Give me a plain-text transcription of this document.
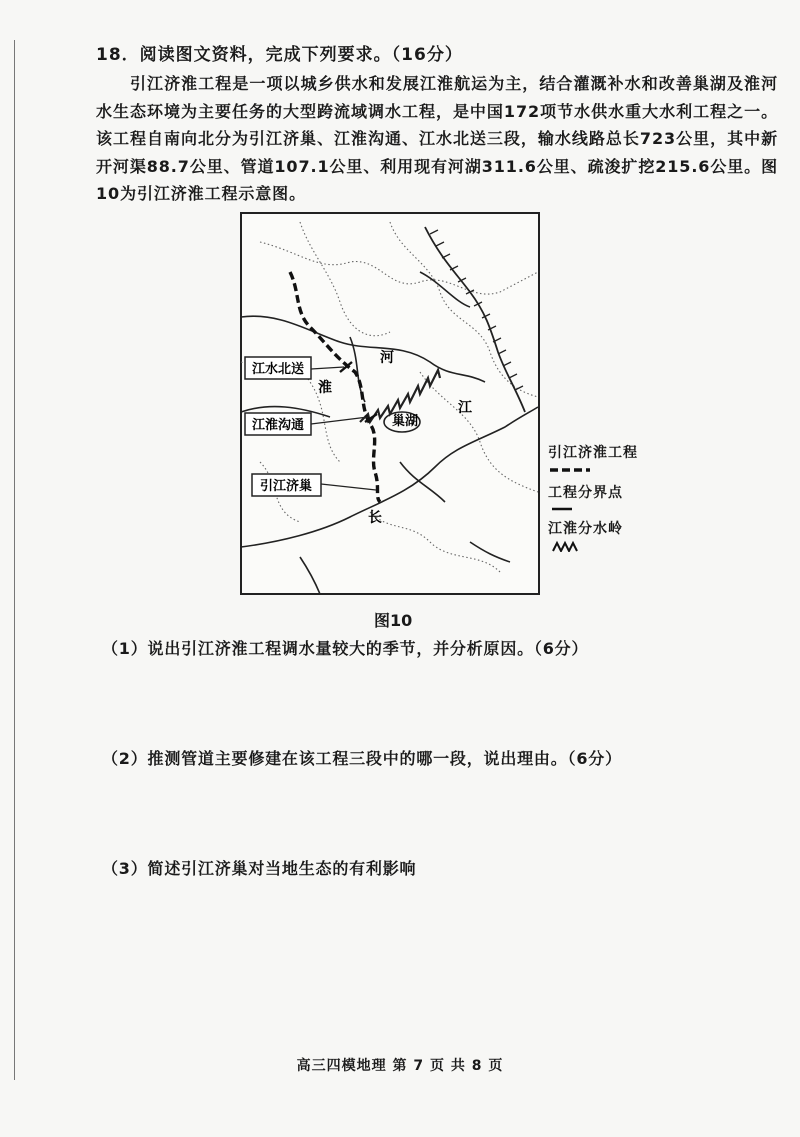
18．阅读图文资料，完成下列要求。（16分）
引江济淮工程是一项以城乡供水和发展江淮航运为主，结合灌溉补水和改善巢湖及淮河水生态环境为主要任务的大型跨流域调水工程，是中国172项节水供水重大水利工程之一。该工程自南向北分为引江济巢、江淮沟通、江水北送三段，输水线路总长723公里，其中新开河渠88.7公里、管道107.1公里、利用现有河湖311.6公里、疏浚扩挖215.6公里。图10为引江济淮工程示意图。
江水北送
江淮沟通
引江济巢
河
淮
巢湖
江
长
引江济淮工程
工程分界点
江淮分水岭
图10
（1）说出引江济淮工程调水量较大的季节，并分析原因。（6分）
（2）推测管道主要修建在该工程三段中的哪一段，说出理由。（6分）
（3）简述引江济巢对当地生态的有利影响
高三四模地理 第 7 页 共 8 页
